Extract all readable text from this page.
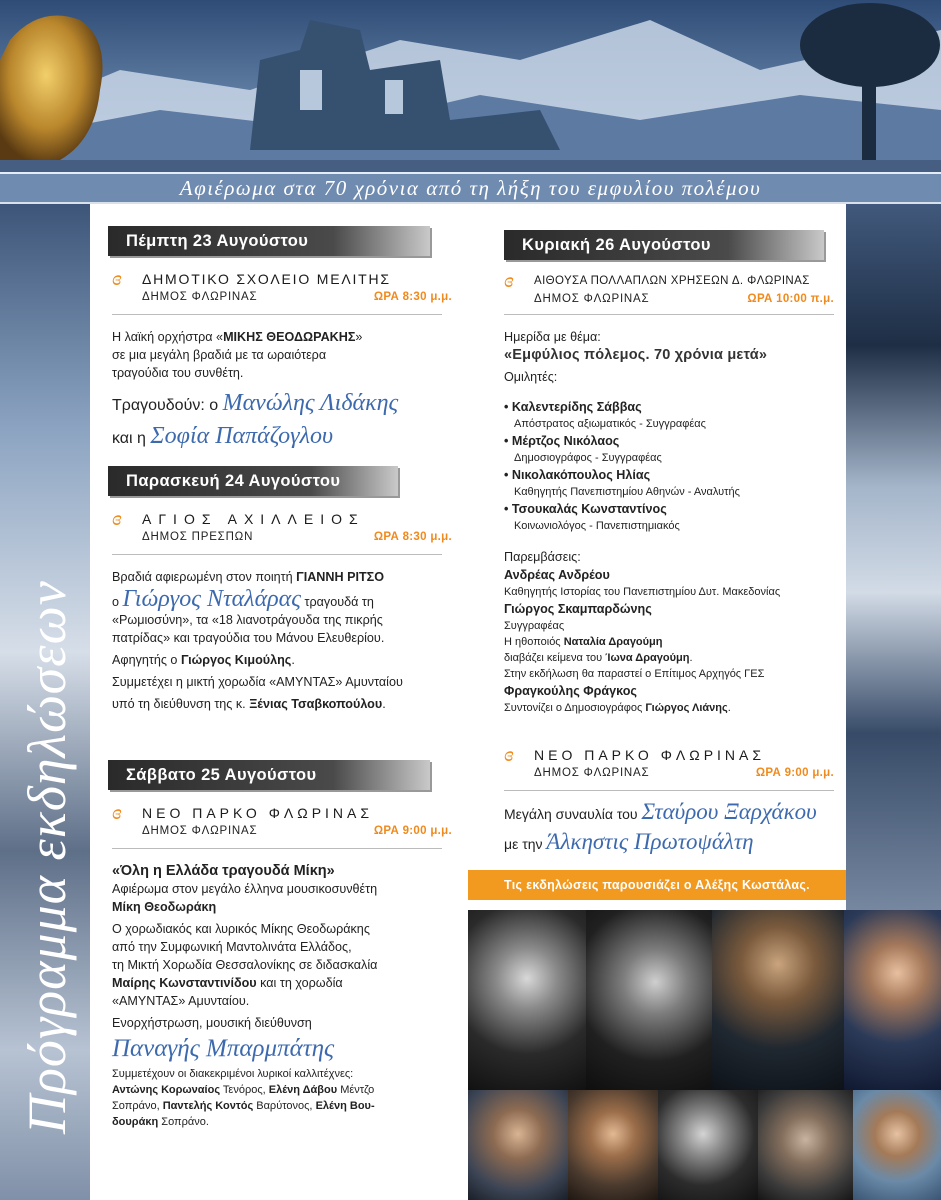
Αφιέρωμα στα 70 χρόνια από τη λήξη του εμφυλίου πολέμου
Πρόγραμμα εκδηλώσεων
Πέμπτη 23 Αυγούστου
ɞ	ΔΗΜΟΤΙΚΟ ΣΧΟΛΕΙΟ ΜΕΛΙΤΗΣ
ΔΗΜΟΣ ΦΛΩΡΙΝΑΣ	ΩΡΑ 8:30 μ.μ.
Η λαϊκή ορχήστρα «ΜΙΚΗΣ ΘΕΟΔΩΡΑΚΗΣ»
σε μια μεγάλη βραδιά με τα ωραιότερα
τραγούδια του συνθέτη.
Τραγουδούν: ο Μανώλης Λιδάκης
και η Σοφία Παπάζογλου
Παρασκευή 24 Αυγούστου
ɞ	ΑΓΙΟΣ ΑΧΙΛΛΕΙΟΣ
ΔΗΜΟΣ ΠΡΕΣΠΩΝ	ΩΡΑ 8:30 μ.μ.
Βραδιά αφιερωμένη στον ποιητή ΓΙΑΝΝΗ ΡΙΤΣΟ
ο Γιώργος Νταλάρας τραγουδά τη
«Ρωμιοσύνη», τα «18 λιανοτράγουδα της πικρής
πατρίδας» και τραγούδια του Μάνου Ελευθερίου.
Αφηγητής ο Γιώργος Κιμούλης.
Συμμετέχει η μικτή χορωδία «ΑΜΥΝΤΑΣ» Αμυνταίου
υπό τη διεύθυνση της κ. Ξένιας Τσαβκοπούλου.
Σάββατο 25 Αυγούστου
ɞ	ΝΕΟ ΠΑΡΚΟ ΦΛΩΡΙΝΑΣ
ΔΗΜΟΣ ΦΛΩΡΙΝΑΣ	ΩΡΑ 9:00 μ.μ.
«Όλη η Ελλάδα τραγουδά Μίκη»
Αφιέρωμα στον μεγάλο έλληνα μουσικοσυνθέτη
Μίκη Θεοδωράκη
Ο χορωδιακός και λυρικός Μίκης Θεοδωράκης
από την Συμφωνική Μαντολινάτα Ελλάδος,
τη Μικτή Χορωδία Θεσσαλονίκης σε διδασκαλία
Μαίρης Κωνσταντινίδου και τη χορωδία
«ΑΜΥΝΤΑΣ» Αμυνταίου.
Ενορχήστρωση, μουσική διεύθυνση
Παναγής Μπαρμπάτης
Συμμετέχουν οι διακεκριμένοι λυρικοί καλλιτέχνες:
Αντώνης Κορωναίος Τενόρος, Ελένη Δάβου Μέντζο
Σοπράνο, Παντελής Κοντός Βαρύτονος, Ελένη Βου-
δουράκη Σοπράνο.
Κυριακή 26 Αυγούστου
ɞ	ΑΙΘΟΥΣΑ ΠΟΛΛΑΠΛΩΝ ΧΡΗΣΕΩΝ Δ. ΦΛΩΡΙΝΑΣ
ΔΗΜΟΣ ΦΛΩΡΙΝΑΣ	ΩΡΑ 10:00 π.μ.
Ημερίδα με θέμα:
«Εμφύλιος πόλεμος. 70 χρόνια μετά»
Ομιλητές:
• Καλεντερίδης Σάββας
Απόστρατος αξιωματικός - Συγγραφέας
• Μέρτζος Νικόλαος
Δημοσιογράφος - Συγγραφέας
• Νικολακόπουλος Ηλίας
Καθηγητής Πανεπιστημίου Αθηνών - Αναλυτής
• Τσουκαλάς Κωνσταντίνος
Κοινωνιολόγος - Πανεπιστημιακός
Παρεμβάσεις:
Ανδρέας Ανδρέου
Καθηγητής Ιστορίας του Πανεπιστημίου Δυτ. Μακεδονίας
Γιώργος Σκαμπαρδώνης
Συγγραφέας
Η ηθοποιός Ναταλία Δραγούμη
διαβάζει κείμενα του Ίωνα Δραγούμη.
Στην εκδήλωση θα παραστεί ο Επίτιμος Αρχηγός ΓΕΣ
Φραγκούλης Φράγκος
Συντονίζει ο Δημοσιογράφος Γιώργος Λιάνης.
ɞ	ΝΕΟ ΠΑΡΚΟ ΦΛΩΡΙΝΑΣ
ΔΗΜΟΣ ΦΛΩΡΙΝΑΣ	ΩΡΑ 9:00 μ.μ.
Μεγάλη συναυλία του Σταύρου Ξαρχάκου
με την Άλκηστις Πρωτοψάλτη
Τις εκδηλώσεις παρουσιάζει ο Αλέξης Κωστάλας.
